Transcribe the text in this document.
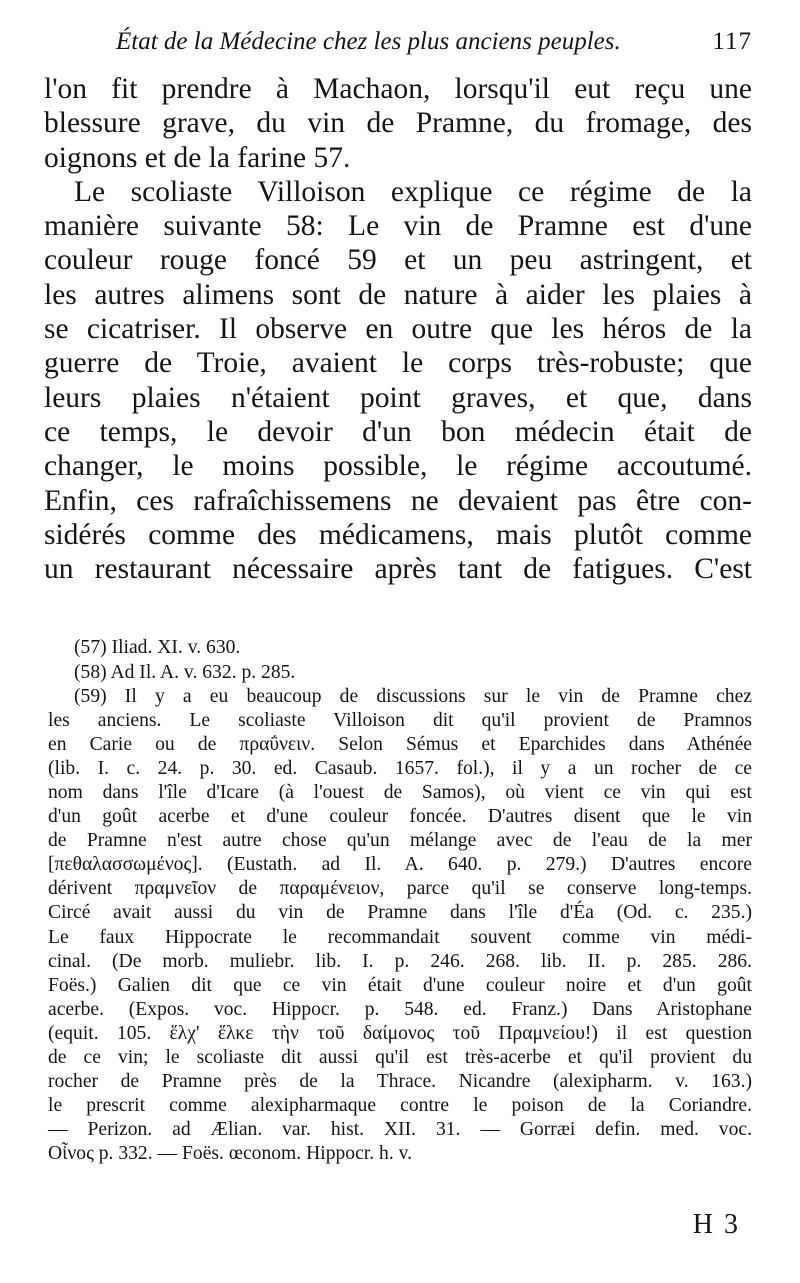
État de la Médecine chez les plus anciens peuples.	117
l'on fit prendre à Machaon, lorsqu'il eut reçu une
blessure grave, du vin de Pramne, du fromage, des
oignons et de la farine 57.
Le scoliaste Villoison explique ce régime de la
manière suivante 58: Le vin de Pramne est d'une
couleur rouge foncé 59 et un peu astringent, et
les autres alimens sont de nature à aider les plaies à
se cicatriser. Il observe en outre que les héros de la
guerre de Troie, avaient le corps très-robuste; que
leurs plaies n'étaient point graves, et que, dans
ce temps, le devoir d'un bon médecin était de
changer, le moins possible, le régime accoutumé.
Enfin, ces rafraîchissemens ne devaient pas être con-
sidérés comme des médicamens, mais plutôt comme
un restaurant nécessaire après tant de fatigues. C'est
(57) Iliad. XI. v. 630.
(58) Ad Il. A. v. 632. p. 285.
(59) Il y a eu beaucoup de discussions sur le vin de Pramne chez
les anciens. Le scoliaste Villoison dit qu'il provient de Pramnos
en Carie ou de πραΰνειν. Selon Sémus et Eparchides dans Athénée
(lib. I. c. 24. p. 30. ed. Casaub. 1657. fol.), il y a un rocher de ce
nom dans l'île d'Icare (à l'ouest de Samos), où vient ce vin qui est
d'un goût acerbe et d'une couleur foncée. D'autres disent que le vin
de Pramne n'est autre chose qu'un mélange avec de l'eau de la mer
[πεθαλασσωμένος]. (Eustath. ad Il. A. 640. p. 279.) D'autres encore
dérivent πραμνεῖον de παραμένειον, parce qu'il se conserve long-temps.
Circé avait aussi du vin de Pramne dans l'île d'Éa (Od. c. 235.)
Le faux Hippocrate le recommandait souvent comme vin médi-
cinal. (De morb. muliebr. lib. I. p. 246. 268. lib. II. p. 285. 286.
Foës.) Galien dit que ce vin était d'une couleur noire et d'un goût
acerbe. (Expos. voc. Hippocr. p. 548. ed. Franz.) Dans Aristophane
(equit. 105. ἕλχ' ἕλκε τὴν τοῦ δαίμονος τοῦ Πραμνείου!) il est question
de ce vin; le scoliaste dit aussi qu'il est très-acerbe et qu'il provient du
rocher de Pramne près de la Thrace. Nicandre (alexipharm. v. 163.)
le prescrit comme alexipharmaque contre le poison de la Coriandre.
— Perizon. ad Ælian. var. hist. XII. 31. — Gorræi defin. med. voc.
Οἶνος p. 332. — Foës. œconom. Hippocr. h. v.
H 3
